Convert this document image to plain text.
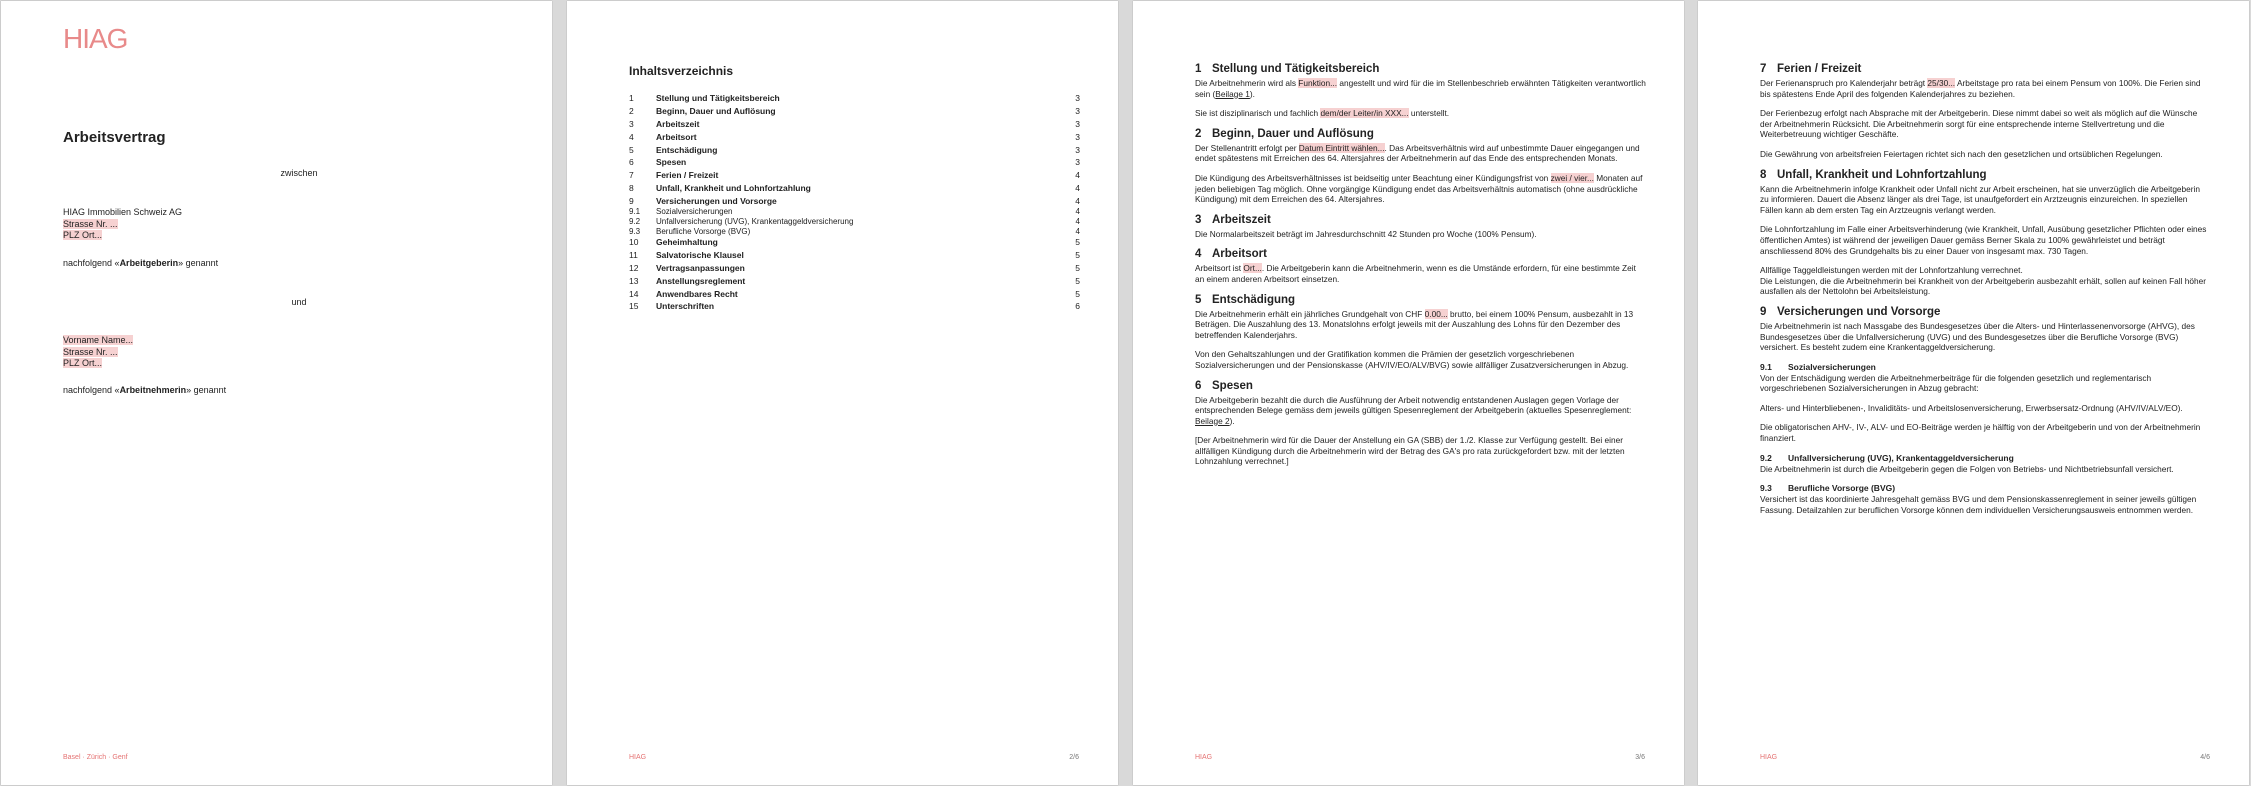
HIAG
Arbeitsvertrag
zwischen
HIAG Immobilien Schweiz AG
Strasse Nr. ...
PLZ Ort...
nachfolgend «Arbeitgeberin» genannt
und
Vorname Name...
Strasse Nr. ...
PLZ Ort...
nachfolgend «Arbeitnehmerin» genannt
Basel · Zürich · Genf
Inhaltsverzeichnis
1	Stellung und Tätigkeitsbereich	3
2	Beginn, Dauer und Auflösung	3
3	Arbeitszeit	3
4	Arbeitsort	3
5	Entschädigung	3
6	Spesen	3
7	Ferien / Freizeit	4
8	Unfall, Krankheit und Lohnfortzahlung	4
9	Versicherungen und Vorsorge	4
9.1	Sozialversicherungen	4
9.2	Unfallversicherung (UVG), Krankentaggeldversicherung	4
9.3	Berufliche Vorsorge (BVG)	4
10	Geheimhaltung	5
11	Salvatorische Klausel	5
12	Vertragsanpassungen	5
13	Anstellungsreglement	5
14	Anwendbares Recht	5
15	Unterschriften	6
HIAG	2/6
1 Stellung und Tätigkeitsbereich

Die Arbeitnehmerin wird als Funktion... angestellt und wird für die im Stellenbeschrieb erwähnten Tätigkeiten verantwortlich sein (Beilage 1).

Sie ist disziplinarisch und fachlich dem/der Leiter/in XXX... unterstellt.

2 Beginn, Dauer und Auflösung

Der Stellenantritt erfolgt per Datum Eintritt wählen.... Das Arbeitsverhältnis wird auf unbestimmte Dauer eingegangen und endet spätestens mit Erreichen des 64. Altersjahres der Arbeitnehmerin auf das Ende des entsprechenden Monats.

Die Kündigung des Arbeitsverhältnisses ist beidseitig unter Beachtung einer Kündigungsfrist von zwei / vier... Monaten auf jeden beliebigen Tag möglich. Ohne vorgängige Kündigung endet das Arbeitsverhältnis automatisch (ohne ausdrückliche Kündigung) mit dem Erreichen des 64. Altersjahres.

3 Arbeitszeit

Die Normalarbeitszeit beträgt im Jahresdurchschnitt 42 Stunden pro Woche (100% Pensum).

4 Arbeitsort

Arbeitsort ist Ort.... Die Arbeitgeberin kann die Arbeitnehmerin, wenn es die Umstände erfordern, für eine bestimmte Zeit an einem anderen Arbeitsort einsetzen.

5 Entschädigung

Die Arbeitnehmerin erhält ein jährliches Grundgehalt von CHF 0.00... brutto, bei einem 100% Pensum, ausbezahlt in 13 Beträgen. Die Auszahlung des 13. Monatslohns erfolgt jeweils mit der Auszahlung des Lohns für den Dezember des betreffenden Kalenderjahrs.

Von den Gehaltszahlungen und der Gratifikation kommen die Prämien der gesetzlich vorgeschriebenen Sozialversicherungen und der Pensionskasse (AHV/IV/EO/ALV/BVG) sowie allfälliger Zusatzversicherungen in Abzug.

6 Spesen

Die Arbeitgeberin bezahlt die durch die Ausführung der Arbeit notwendig entstandenen Auslagen gegen Vorlage der entsprechenden Belege gemäss dem jeweils gültigen Spesenreglement der Arbeitgeberin (aktuelles Spesenreglement: Beilage 2).

[Der Arbeitnehmerin wird für die Dauer der Anstellung ein GA (SBB) der 1./2. Klasse zur Verfügung gestellt. Bei einer allfälligen Kündigung durch die Arbeitnehmerin wird der Betrag des GA's pro rata zurückgefordert bzw. mit der letzten Lohnzahlung verrechnet.]

HIAG	3/6
7 Ferien / Freizeit

Der Ferienanspruch pro Kalenderjahr beträgt 25/30... Arbeitstage pro rata bei einem Pensum von 100%. Die Ferien sind bis spätestens Ende April des folgenden Kalenderjahres zu beziehen.

Der Ferienbezug erfolgt nach Absprache mit der Arbeitgeberin. Diese nimmt dabei so weit als möglich auf die Wünsche der Arbeitnehmerin Rücksicht. Die Arbeitnehmerin sorgt für eine entsprechende interne Stellvertretung und die Weiterbetreuung wichtiger Geschäfte.

Die Gewährung von arbeitsfreien Feiertagen richtet sich nach den gesetzlichen und ortsüblichen Regelungen.

8 Unfall, Krankheit und Lohnfortzahlung

Kann die Arbeitnehmerin infolge Krankheit oder Unfall nicht zur Arbeit erscheinen, hat sie unverzüglich die Arbeitgeberin zu informieren. Dauert die Absenz länger als drei Tage, ist unaufgefordert ein Arztzeugnis einzureichen. In speziellen Fällen kann ab dem ersten Tag ein Arztzeugnis verlangt werden.

Die Lohnfortzahlung im Falle einer Arbeitsverhinderung (wie Krankheit, Unfall, Ausübung gesetzlicher Pflichten oder eines öffentlichen Amtes) ist während der jeweiligen Dauer gemäss Berner Skala zu 100% gewährleistet und beträgt anschliessend 80% des Grundgehalts bis zu einer Dauer von insgesamt max. 730 Tagen.

Allfällige Taggeldleistungen werden mit der Lohnfortzahlung verrechnet.

Die Leistungen, die die Arbeitnehmerin bei Krankheit von der Arbeitgeberin ausbezahlt erhält, sollen auf keinen Fall höher ausfallen als der Nettolohn bei Arbeitsleistung.

9 Versicherungen und Vorsorge

Die Arbeitnehmerin ist nach Massgabe des Bundesgesetzes über die Alters- und Hinterlassenenvorsorge (AHVG), des Bundesgesetzes über die Unfallversicherung (UVG) und des Bundesgesetzes über die Berufliche Vorsorge (BVG) versichert. Es besteht zudem eine Krankentaggeldversicherung.

9.1 Sozialversicherungen

Von der Entschädigung werden die Arbeitnehmerbeiträge für die folgenden gesetzlich und reglementarisch vorgeschriebenen Sozialversicherungen in Abzug gebracht:

Alters- und Hinterbliebenen-, Invaliditäts- und Arbeitslosenversicherung, Erwerbsersatz-Ordnung (AHV/IV/ALV/EO).

Die obligatorischen AHV-, IV-, ALV- und EO-Beiträge werden je hälftig von der Arbeitgeberin und von der Arbeitnehmerin finanziert.

9.2 Unfallversicherung (UVG), Krankentaggeldversicherung

Die Arbeitnehmerin ist durch die Arbeitgeberin gegen die Folgen von Betriebs- und Nichtbetriebsunfall versichert.

9.3 Berufliche Vorsorge (BVG)

Versichert ist das koordinierte Jahresgehalt gemäss BVG und dem Pensionskassenreglement in seiner jeweils gültigen Fassung. Detailzahlen zur beruflichen Vorsorge können dem individuellen Versicherungsausweis entnommen werden.

HIAG	4/6
